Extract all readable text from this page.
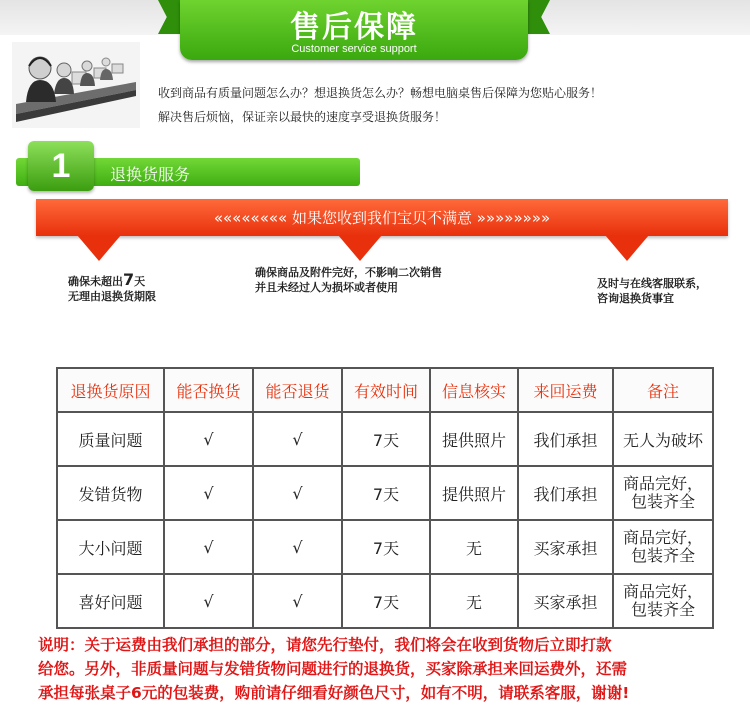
售后保障
Customer service support
收到商品有质量问题怎么办？想退换货怎么办？畅想电脑桌售后保障为您贴心服务！
解决售后烦恼，保证亲以最快的速度享受退换货服务！
1	退换货服务
«««««««« 如果您收到我们宝贝不满意 »»»»»»»»
确保未超出7天
无理由退换货期限
确保商品及附件完好，不影响二次销售
并且未经过人为损坏或者使用	及时与在线客服联系，
咨询退换货事宜
退换货原因	能否换货	能否退货	有效时间	信息核实	来回运费	备注
质量问题	√	√	7天	提供照片	我们承担	无人为破坏
发错货物	√	√	7天	提供照片	我们承担	商品完好，
包装齐全
大小问题	√	√	7天	无	买家承担	商品完好，
包装齐全
喜好问题	√	√	7天	无	买家承担	商品完好，
包装齐全
说明：关于运费由我们承担的部分，请您先行垫付，我们将会在收到货物后立即打款
给您。另外，非质量问题与发错货物问题进行的退换货，买家除承担来回运费外，还需
承担每张桌子6元的包装费，购前请仔细看好颜色尺寸，如有不明，请联系客服，谢谢!
